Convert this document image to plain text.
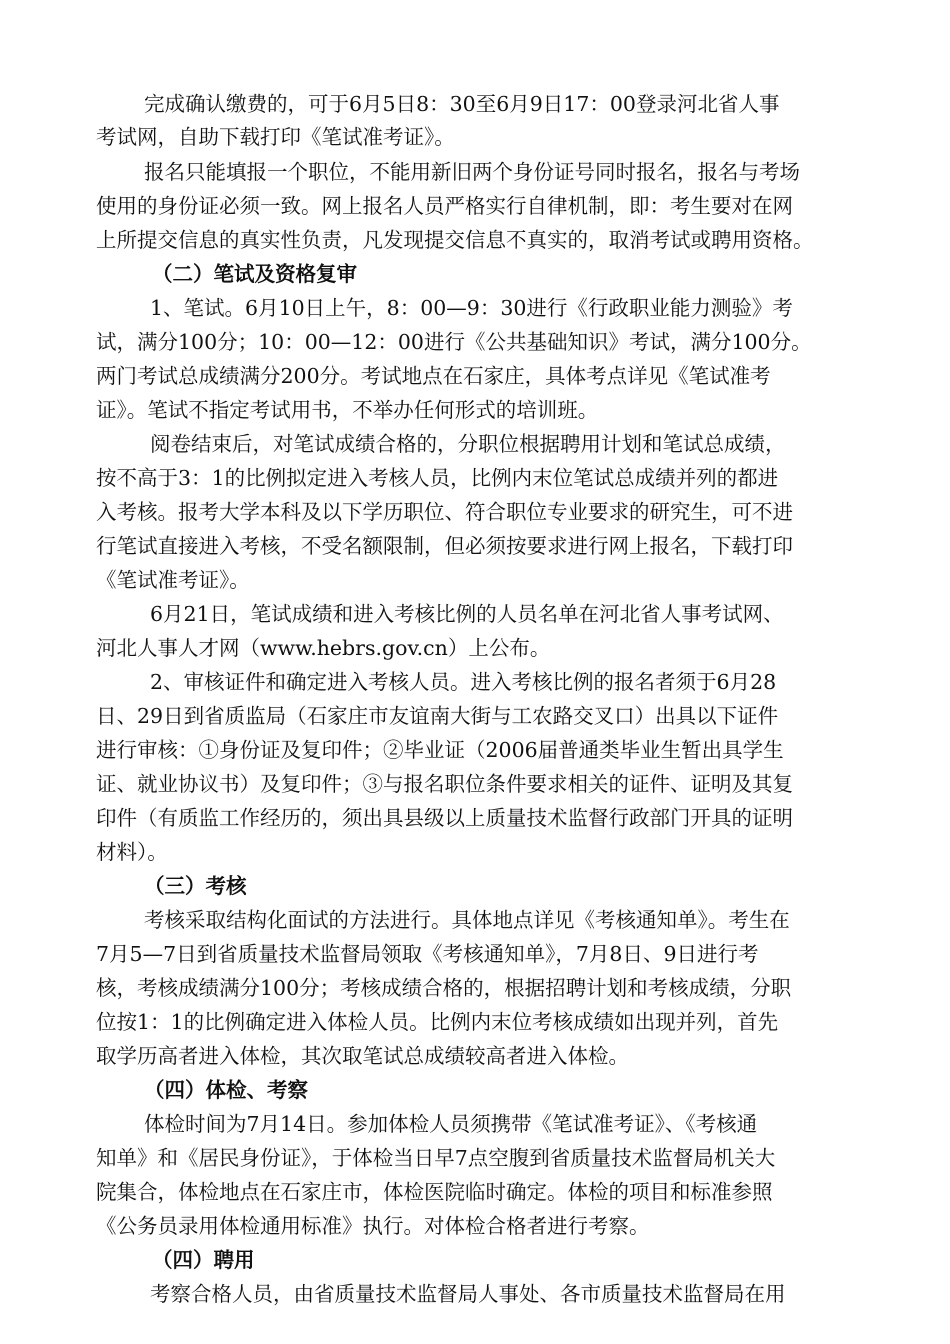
完成确认缴费的，可于6月5日8：30至6月9日17：00登录河北省人事
考试网，自助下载打印《笔试准考证》。
报名只能填报一个职位，不能用新旧两个身份证号同时报名，报名与考场
使用的身份证必须一致。网上报名人员严格实行自律机制，即：考生要对在网
上所提交信息的真实性负责，凡发现提交信息不真实的，取消考试或聘用资格。
（二）笔试及资格复审
1、笔试。6月10日上午，8：00—9：30进行《行政职业能力测验》考
试，满分100分；10：00—12：00进行《公共基础知识》考试，满分100分。
两门考试总成绩满分200分。考试地点在石家庄，具体考点详见《笔试准考
证》。笔试不指定考试用书，不举办任何形式的培训班。
阅卷结束后，对笔试成绩合格的，分职位根据聘用计划和笔试总成绩，
按不高于3：1的比例拟定进入考核人员，比例内末位笔试总成绩并列的都进
入考核。报考大学本科及以下学历职位、符合职位专业要求的研究生，可不进
行笔试直接进入考核，不受名额限制，但必须按要求进行网上报名，下载打印
《笔试准考证》。
6月21日，笔试成绩和进入考核比例的人员名单在河北省人事考试网、
河北人事人才网（www.hebrs.gov.cn）上公布。
2、审核证件和确定进入考核人员。进入考核比例的报名者须于6月28
日、29日到省质监局（石家庄市友谊南大街与工农路交叉口）出具以下证件
进行审核：①身份证及复印件；②毕业证（2006届普通类毕业生暂出具学生
证、就业协议书）及复印件；③与报名职位条件要求相关的证件、证明及其复
印件（有质监工作经历的，须出具县级以上质量技术监督行政部门开具的证明
材料）。
（三）考核
考核采取结构化面试的方法进行。具体地点详见《考核通知单》。考生在
7月5—7日到省质量技术监督局领取《考核通知单》，7月8日、9日进行考
核，考核成绩满分100分；考核成绩合格的，根据招聘计划和考核成绩，分职
位按1：1的比例确定进入体检人员。比例内末位考核成绩如出现并列，首先
取学历高者进入体检，其次取笔试总成绩较高者进入体检。
（四）体检、考察
体检时间为7月14日。参加体检人员须携带《笔试准考证》、《考核通
知单》和《居民身份证》，于体检当日早7点空腹到省质量技术监督局机关大
院集合，体检地点在石家庄市，体检医院临时确定。体检的项目和标准参照
《公务员录用体检通用标准》执行。对体检合格者进行考察。
（四）聘用
考察合格人员，由省质量技术监督局人事处、各市质量技术监督局在用
